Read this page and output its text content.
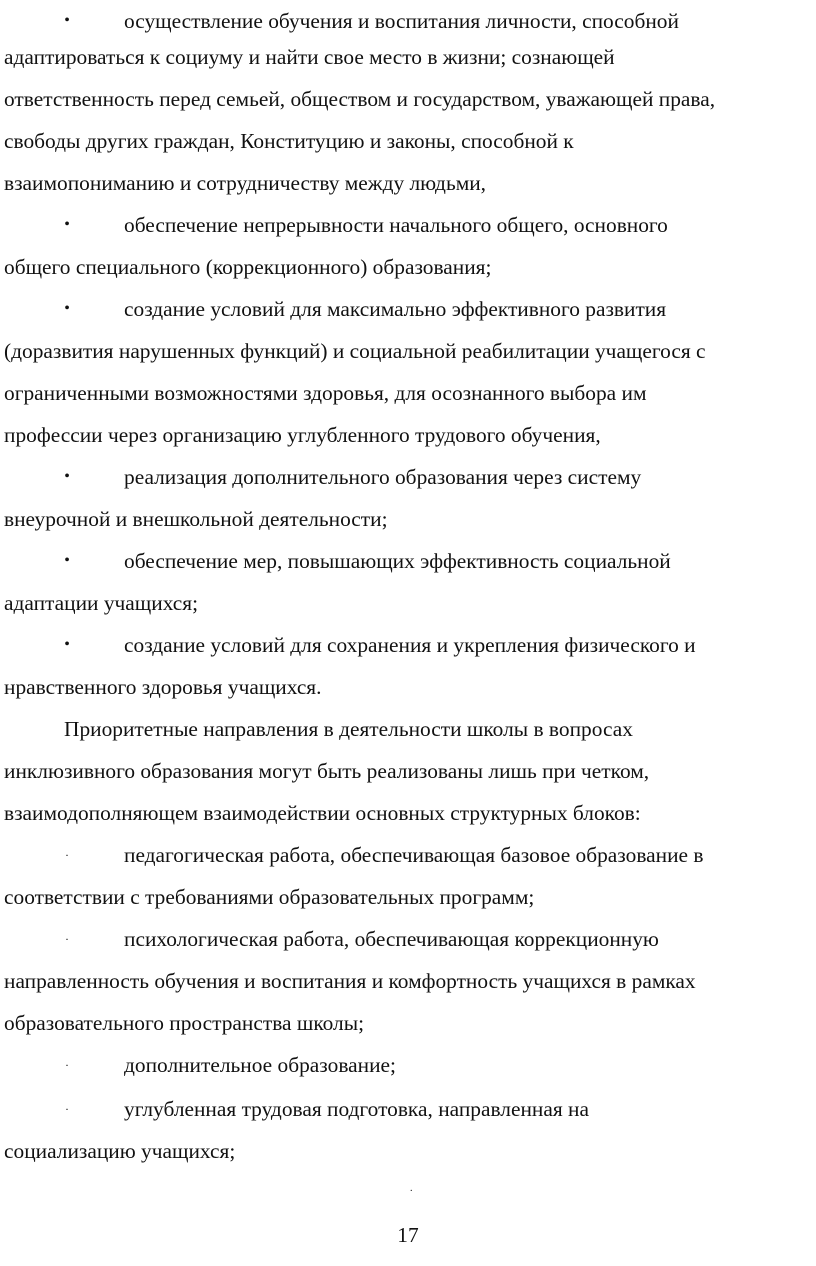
•	осуществление обучения и воспитания личности, способной
адаптироваться к социуму и найти свое место в жизни; сознающей
ответственность перед семьей, обществом и государством, уважающей права,
свободы других граждан, Конституцию и законы, способной к
взаимопониманию и сотрудничеству между людьми,
•	обеспечение непрерывности начального общего, основного
общего специального (коррекционного) образования;
•	создание условий для максимально эффективного развития
(доразвития нарушенных функций) и социальной реабилитации учащегося с
ограниченными возможностями здоровья, для осознанного выбора им
профессии через организацию углубленного трудового обучения,
•	реализация дополнительного образования через систему
внеурочной и внешкольной деятельности;
•	обеспечение мер, повышающих эффективность социальной
адаптации учащихся;
•	создание условий для сохранения и укрепления физического и
нравственного здоровья учащихся.
Приоритетные направления в деятельности школы в вопросах
инклюзивного образования могут быть реализованы лишь при четком,
взаимодополняющем взаимодействии основных структурных блоков:
·	педагогическая работа, обеспечивающая базовое образование в
соответствии с требованиями образовательных программ;
·	психологическая работа, обеспечивающая коррекционную
направленность обучения и воспитания и комфортность учащихся в рамках
образовательного пространства школы;
·	дополнительное образование;
·	углубленная трудовая подготовка, направленная на
социализацию учащихся;
.
17
